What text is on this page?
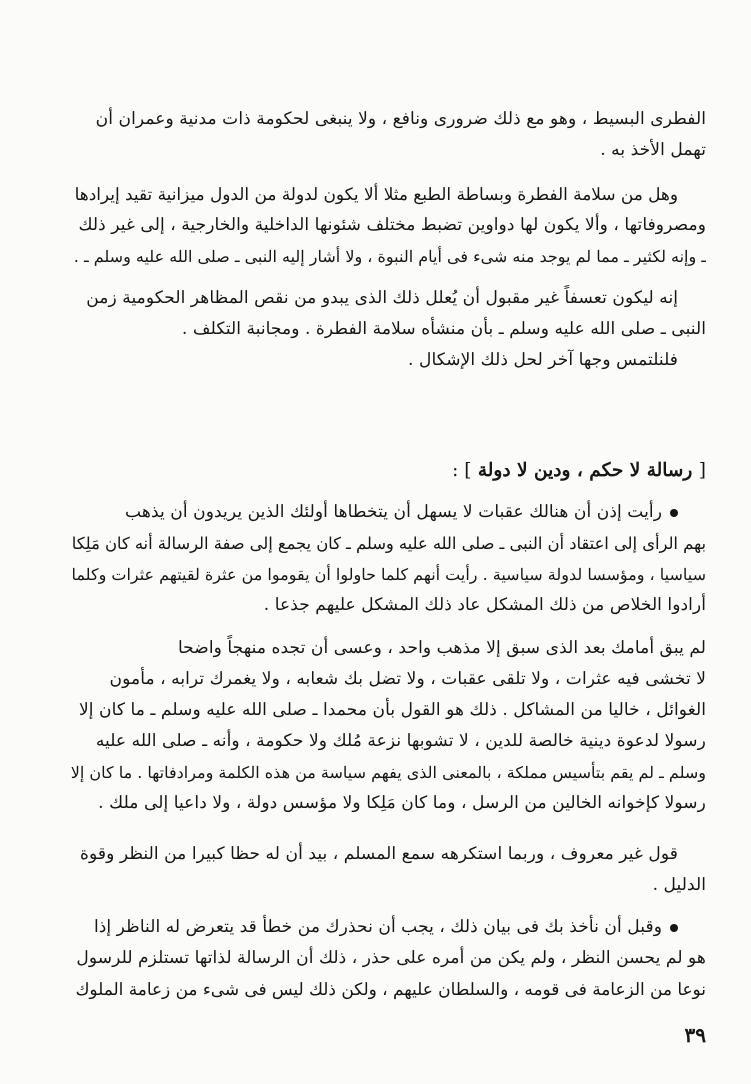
الفطرى البسيط ، وهو مع ذلك ضرورى ونافع ، ولا ينبغى لحكومة ذات مدنية وعمران أن
تهمل الأخذ به .
وهل من سلامة الفطرة وبساطة الطبع مثلا ألا يكون لدولة من الدول ميزانية تقيد إيرادها
ومصروفاتها ، وألا يكون لها دواوين تضبط مختلف شئونها الداخلية والخارجية ، إلى غير ذلك
ـ وإنه لكثير ـ مما لم يوجد منه شىء فى أيام النبوة ، ولا أشار إليه النبى ـ صلى الله عليه وسلم ـ .
إنه ليكون تعسفاً غير مقبول أن يُعلل ذلك الذى يبدو من نقص المظاهر الحكومية زمن
النبى ـ صلى الله عليه وسلم ـ بأن منشأه سلامة الفطرة . ومجانبة التكلف .
فلنلتمس وجها آخر لحل ذلك الإشكال .
[ رسالة لا حكم ، ودين لا دولة ] :
رأيت إذن أن هنالك عقبات لا يسهل أن يتخطاها أولئك الذين يريدون أن يذهب
بهم الرأى إلى اعتقاد أن النبى ـ صلى الله عليه وسلم ـ كان يجمع إلى صفة الرسالة أنه كان مَلِكا
سياسيا ، ومؤسسا لدولة سياسية . رأيت أنهم كلما حاولوا أن يقوموا من عثرة لقيتهم عثرات وكلما
أرادوا الخلاص من ذلك المشكل عاد ذلك المشكل عليهم جذعا .
لم يبق أمامك بعد الذى سبق إلا مذهب واحد ، وعسى أن تجده منهجاً واضحا
لا تخشى فيه عثرات ، ولا تلقى عقبات ، ولا تضل بك شعابه ، ولا يغمرك ترابه ، مأمون
الغوائل ، خاليا من المشاكل . ذلك هو القول بأن محمدا ـ صلى الله عليه وسلم ـ ما كان إلا
رسولا لدعوة دينية خالصة للدين ، لا تشوبها نزعة مُلك ولا حكومة ، وأنه ـ صلى الله عليه
وسلم ـ لم يقم بتأسيس مملكة ، بالمعنى الذى يفهم سياسة من هذه الكلمة ومرادفاتها . ما كان إلا
رسولا كإخوانه الخالين من الرسل ، وما كان مَلِكا ولا مؤسس دولة ، ولا داعيا إلى ملك .
قول غير معروف ، وربما استكرهه سمع المسلم ، بيد أن له حظا كبيرا من النظر وقوة
الدليل .
وقبل أن نأخذ بك فى بيان ذلك ، يجب أن نحذرك من خطأ قد يتعرض له الناظر إذا
هو لم يحسن النظر ، ولم يكن من أمره على حذر ، ذلك أن الرسالة لذاتها تستلزم للرسول
نوعا من الزعامة فى قومه ، والسلطان عليهم ، ولكن ذلك ليس فى شىء من زعامة الملوك
٣٩
